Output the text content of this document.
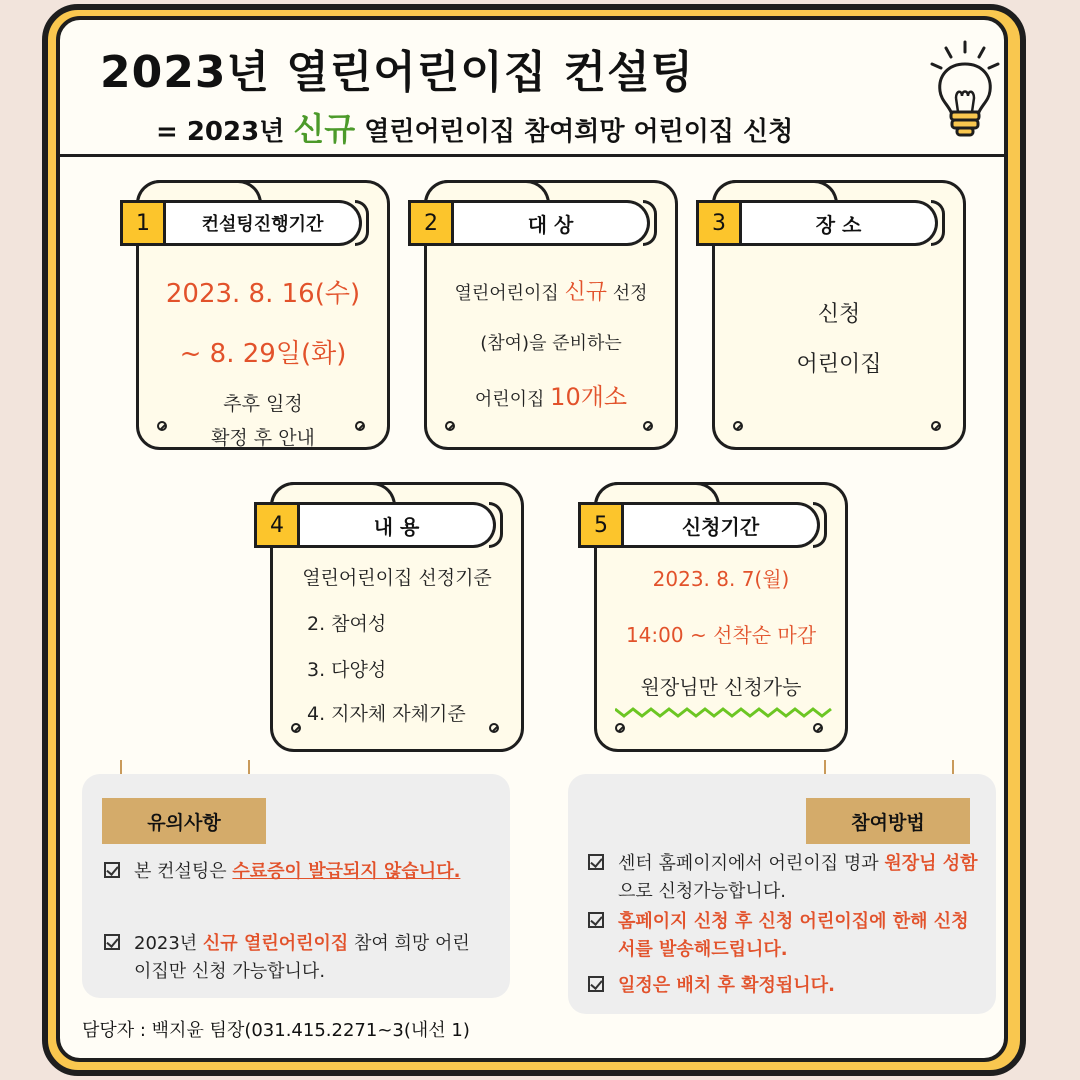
2023년 열린어린이집 컨설팅
= 2023년 신규 열린어린이집 참여희망 어린이집 신청
2023. 8. 16(수)
~ 8. 29일(화)
추후 일정
확정 후 안내
1	컨설팅진행기간
열린어린이집 신규 선정
(참여)을 준비하는
어린이집 10개소
2	대 상
신청
어린이집
3	장 소
열린어린이집 선정기준
2. 참여성
3. 다양성
4. 지자체 자체기준
4	내 용
2023. 8. 7(월)
14:00 ~ 선착순 마감
원장님만 신청가능
5	신청기간
유의사항
본 컨설팅은 수료증이 발급되지 않습니다.
2023년 신규 열린어린이집 참여 희망 어린이집만 신청 가능합니다.
참여방법
센터 홈페이지에서 어린이집 명과 원장님 성함으로 신청가능합니다.
홈페이지 신청 후 신청 어린이집에 한해 신청서를 발송해드립니다.
일정은 배치 후 확정됩니다.
담당자 : 백지윤 팀장(031.415.2271~3(내선 1)
